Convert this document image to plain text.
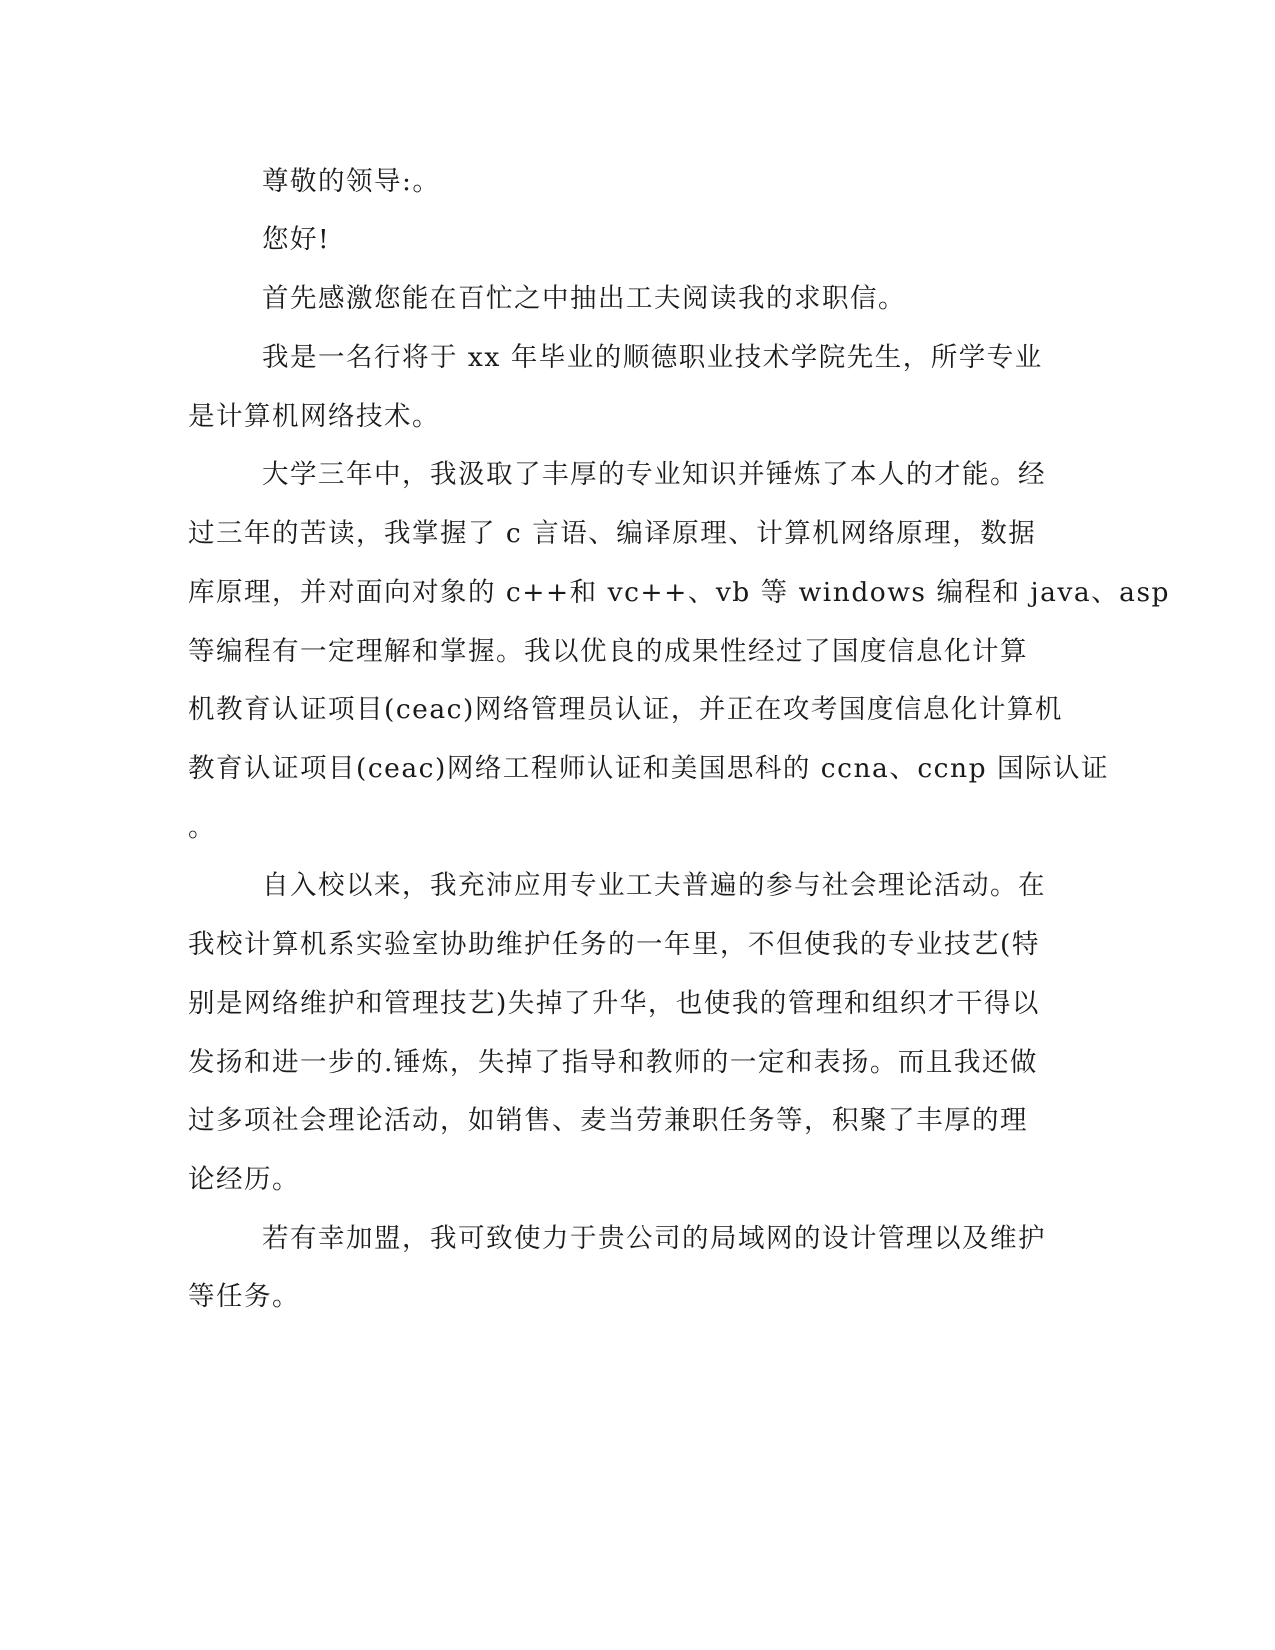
尊敬的领导:。
您好!
首先感激您能在百忙之中抽出工夫阅读我的求职信。
我是一名行将于 xx 年毕业的顺德职业技术学院先生，所学专业
是计算机网络技术。
大学三年中，我汲取了丰厚的专业知识并锤炼了本人的才能。经
过三年的苦读，我掌握了 c 言语、编译原理、计算机网络原理，数据
库原理，并对面向对象的 c++和 vc++、vb 等 windows 编程和 java、asp
等编程有一定理解和掌握。我以优良的成果性经过了国度信息化计算
机教育认证项目(ceac)网络管理员认证，并正在攻考国度信息化计算机
教育认证项目(ceac)网络工程师认证和美国思科的 ccna、ccnp 国际认证
。
自入校以来，我充沛应用专业工夫普遍的参与社会理论活动。在
我校计算机系实验室协助维护任务的一年里，不但使我的专业技艺(特
别是网络维护和管理技艺)失掉了升华，也使我的管理和组织才干得以
发扬和进一步的.锤炼，失掉了指导和教师的一定和表扬。而且我还做
过多项社会理论活动，如销售、麦当劳兼职任务等，积聚了丰厚的理
论经历。
若有幸加盟，我可致使力于贵公司的局域网的设计管理以及维护
等任务。
